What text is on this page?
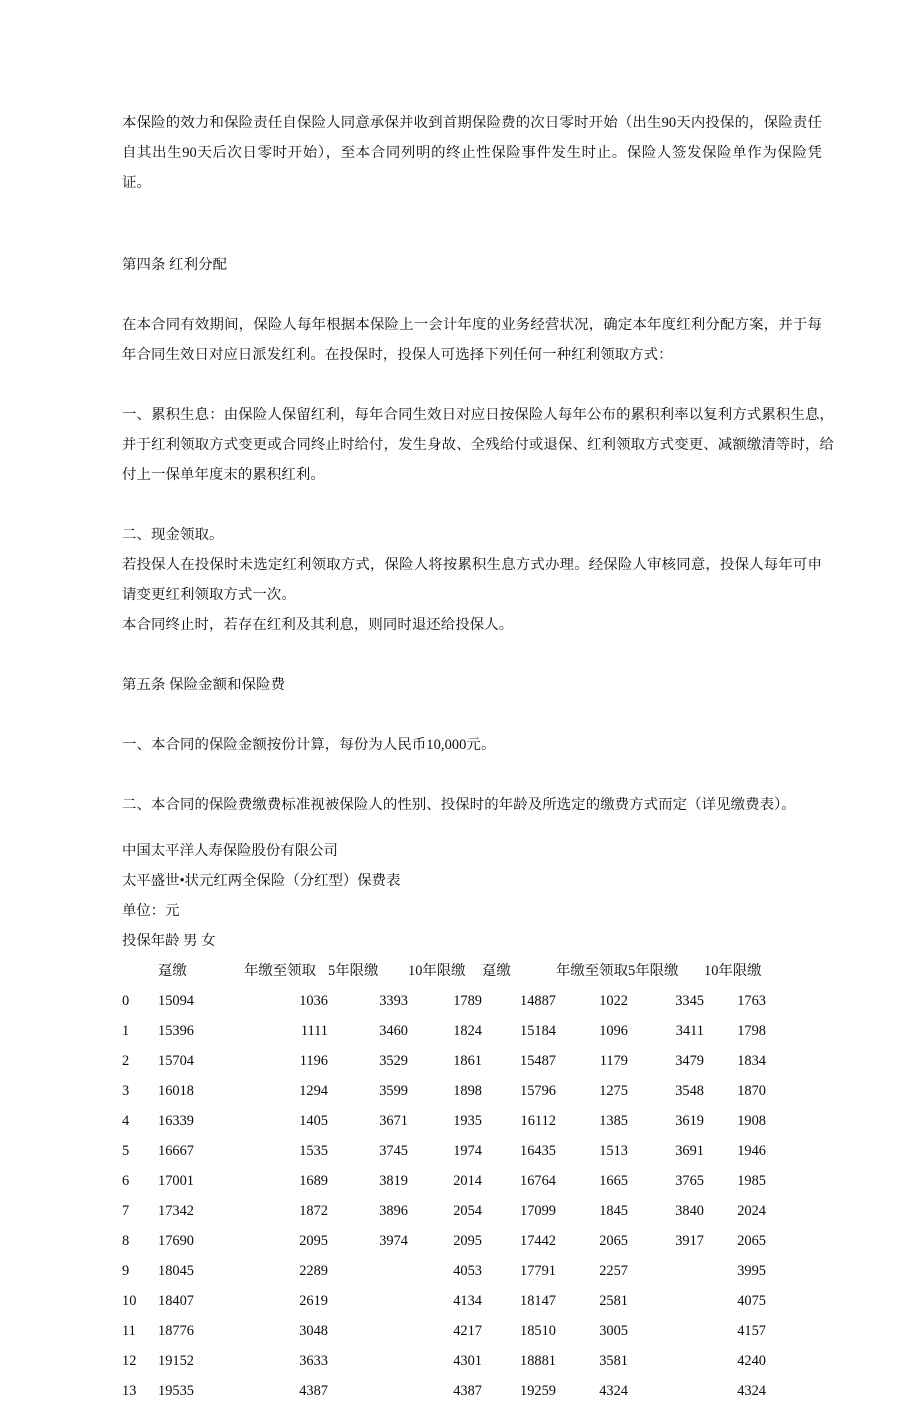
本保险的效力和保险责任自保险人同意承保并收到首期保险费的次日零时开始（出生90天内投保的，保险责任自其出生90天后次日零时开始），至本合同列明的终止性保险事件发生时止。保险人签发保险单作为保险凭证。

第四条 红利分配

在本合同有效期间，保险人每年根据本保险上一会计年度的业务经营状况，确定本年度红利分配方案，并于每年合同生效日对应日派发红利。在投保时，投保人可选择下列任何一种红利领取方式：

一、累积生息：由保险人保留红利，每年合同生效日对应日按保险人每年公布的累积利率以复利方式累积生息，并于红利领取方式变更或合同终止时给付，发生身故、全残给付或退保、红利领取方式变更、减额缴清等时，给付上一保单年度末的累积红利。

二、现金领取。

若投保人在投保时未选定红利领取方式，保险人将按累积生息方式办理。经保险人审核同意，投保人每年可申请变更红利领取方式一次。

本合同终止时，若存在红利及其利息，则同时退还给投保人。

第五条 保险金额和保险费

一、本合同的保险金额按份计算，每份为人民币10,000元。

二、本合同的保险费缴费标准视被保险人的性别、投保时的年龄及所选定的缴费方式而定（详见缴费表）。

中国太平洋人寿保险股份有限公司
太平盛世•状元红两全保险（分红型）保费表
单位：元
投保年龄 男 女
	趸缴	年缴至领取	5年限缴	10年限缴	趸缴	年缴至领取	5年限缴	10年限缴
0	15094	1036	3393	1789	14887	1022	3345	1763
1	15396	1111	3460	1824	15184	1096	3411	1798
2	15704	1196	3529	1861	15487	1179	3479	1834
3	16018	1294	3599	1898	15796	1275	3548	1870
4	16339	1405	3671	1935	16112	1385	3619	1908
5	16667	1535	3745	1974	16435	1513	3691	1946
6	17001	1689	3819	2014	16764	1665	3765	1985
7	17342	1872	3896	2054	17099	1845	3840	2024
8	17690	2095	3974	2095	17442	2065	3917	2065
9	18045	2289		4053	17791	2257		3995
10	18407	2619		4134	18147	2581		4075
11	18776	3048		4217	18510	3005		4157
12	19152	3633		4301	18881	3581		4240
13	19535	4387		4387	19259	4324		4324
